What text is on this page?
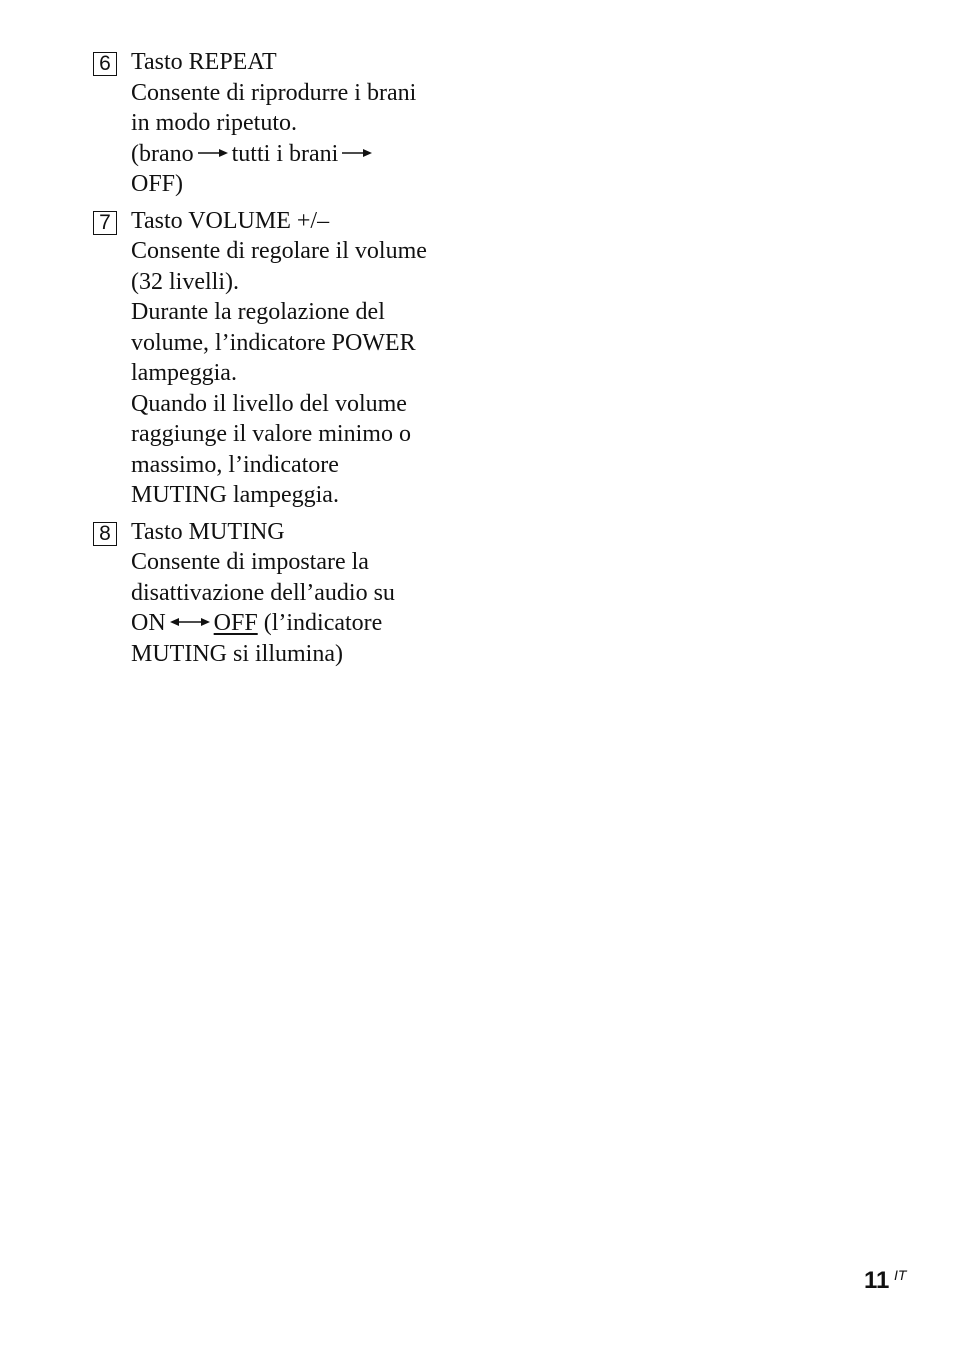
6 Tasto REPEAT
Consente di riprodurre i brani
in modo ripetuto.
(brano tutti i brani
OFF)
7 Tasto VOLUME +/–
Consente di regolare il volume
(32 livelli).
Durante la regolazione del
volume, l’indicatore POWER
lampeggia.
Quando il livello del volume
raggiunge il valore minimo o
massimo, l’indicatore
MUTING lampeggia.
8 Tasto MUTING
Consente di impostare la
disattivazione dell’audio su
ON OFF (l’indicatore
MUTING si illumina)
11 IT
